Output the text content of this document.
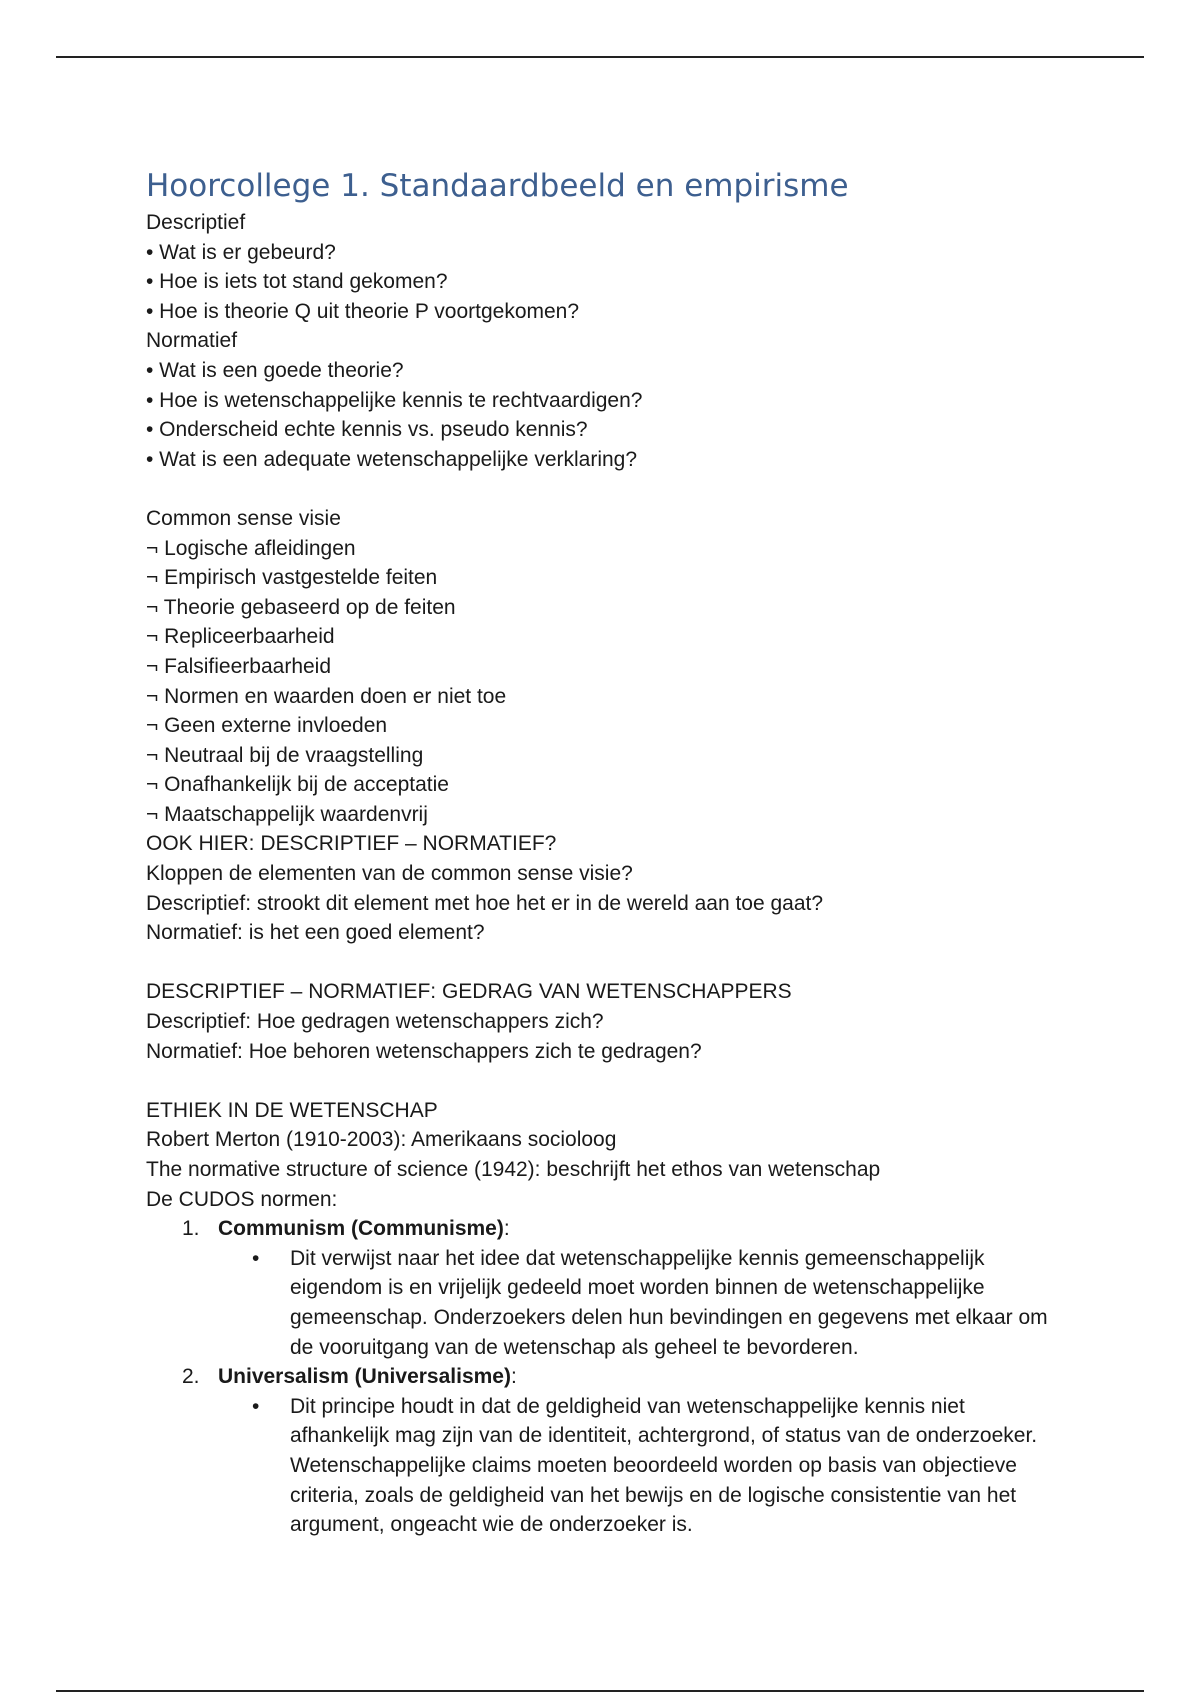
Hoorcollege 1. Standaardbeeld en empirisme
Descriptief
• Wat is er gebeurd?
• Hoe is iets tot stand gekomen?
• Hoe is theorie Q uit theorie P voortgekomen?
Normatief
• Wat is een goede theorie?
• Hoe is wetenschappelijke kennis te rechtvaardigen?
• Onderscheid echte kennis vs. pseudo kennis?
• Wat is een adequate wetenschappelijke verklaring?
Common sense visie
¬ Logische afleidingen
¬ Empirisch vastgestelde feiten
¬ Theorie gebaseerd op de feiten
¬ Repliceerbaarheid
¬ Falsifieerbaarheid
¬ Normen en waarden doen er niet toe
¬ Geen externe invloeden
¬ Neutraal bij de vraagstelling
¬ Onafhankelijk bij de acceptatie
¬ Maatschappelijk waardenvrij
OOK HIER: DESCRIPTIEF – NORMATIEF?
Kloppen de elementen van de common sense visie?
Descriptief: strookt dit element met hoe het er in de wereld aan toe gaat?
Normatief: is het een goed element?
DESCRIPTIEF – NORMATIEF: GEDRAG VAN WETENSCHAPPERS
Descriptief: Hoe gedragen wetenschappers zich?
Normatief: Hoe behoren wetenschappers zich te gedragen?
ETHIEK IN DE WETENSCHAP
Robert Merton (1910-2003): Amerikaans socioloog
The normative structure of science (1942): beschrijft het ethos van wetenschap
De CUDOS normen:
1. Communism (Communisme):
• Dit verwijst naar het idee dat wetenschappelijke kennis gemeenschappelijk eigendom is en vrijelijk gedeeld moet worden binnen de wetenschappelijke gemeenschap. Onderzoekers delen hun bevindingen en gegevens met elkaar om de vooruitgang van de wetenschap als geheel te bevorderen.
2. Universalism (Universalisme):
• Dit principe houdt in dat de geldigheid van wetenschappelijke kennis niet afhankelijk mag zijn van de identiteit, achtergrond, of status van de onderzoeker. Wetenschappelijke claims moeten beoordeeld worden op basis van objectieve criteria, zoals de geldigheid van het bewijs en de logische consistentie van het argument, ongeacht wie de onderzoeker is.
